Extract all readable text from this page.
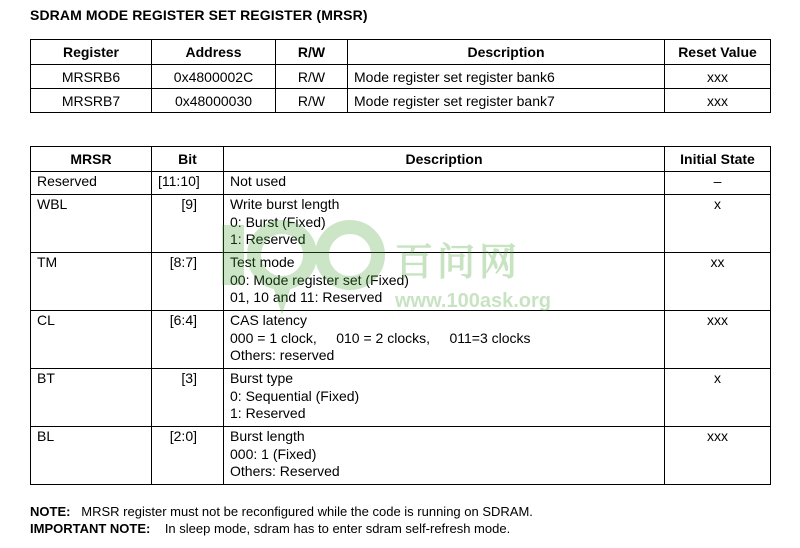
SDRAM MODE REGISTER SET REGISTER (MRSR)
Register	Address	R/W	Description	Reset Value
MRSRB6	0x4800002C	R/W	Mode register set register bank6	xxx
MRSRB7	0x48000030	R/W	Mode register set register bank7	xxx
MRSR	Bit	Description	Initial State
Reserved	[11:10]	Not used	–
WBL	[9]	Write burst length
0: Burst (Fixed)
1: Reserved	x
TM	[8:7]	Test mode
00: Mode register set (Fixed)
01, 10 and 11: Reserved	xx
CL	[6:4]	CAS latency
000 = 1 clock,     010 = 2 clocks,     011=3 clocks
Others: reserved	xxx
BT	[3]	Burst type
0: Sequential (Fixed)
1: Reserved	x
BL	[2:0]	Burst length
000: 1 (Fixed)
Others: Reserved	xxx
百问网
www.100ask.org
NOTE: MRSR register must not be reconfigured while the code is running on SDRAM.
IMPORTANT NOTE: In sleep mode, sdram has to enter sdram self-refresh mode.
